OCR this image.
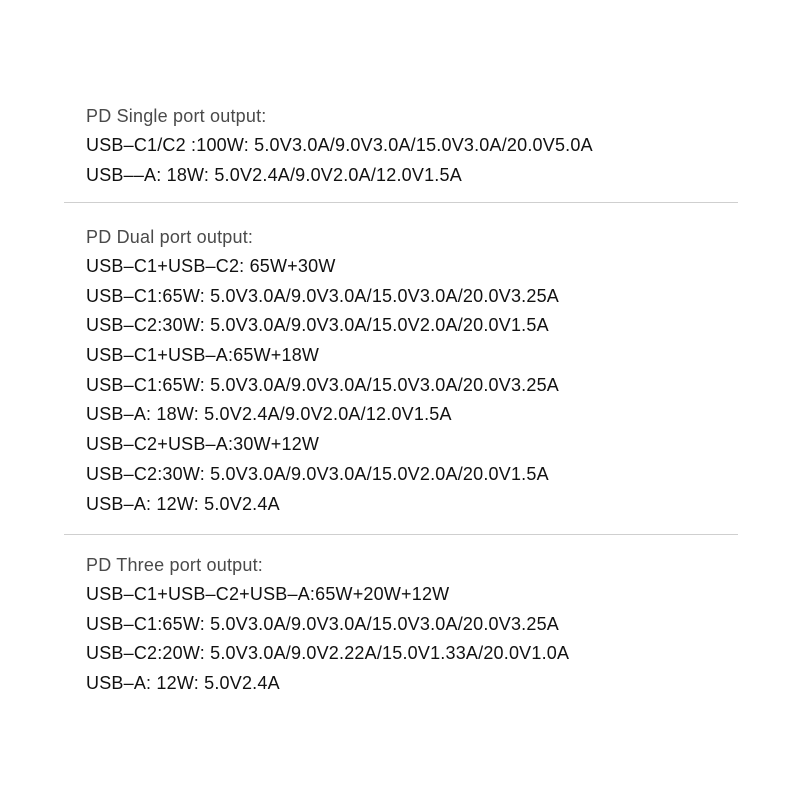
PD Single port output:
USB–C1/C2 :100W: 5.0V3.0A/9.0V3.0A/15.0V3.0A/20.0V5.0A
USB––A: 18W: 5.0V2.4A/9.0V2.0A/12.0V1.5A
PD Dual port output:
USB–C1+USB–C2: 65W+30W
USB–C1:65W: 5.0V3.0A/9.0V3.0A/15.0V3.0A/20.0V3.25A
USB–C2:30W: 5.0V3.0A/9.0V3.0A/15.0V2.0A/20.0V1.5A
USB–C1+USB–A:65W+18W
USB–C1:65W: 5.0V3.0A/9.0V3.0A/15.0V3.0A/20.0V3.25A
USB–A: 18W: 5.0V2.4A/9.0V2.0A/12.0V1.5A
USB–C2+USB–A:30W+12W
USB–C2:30W: 5.0V3.0A/9.0V3.0A/15.0V2.0A/20.0V1.5A
USB–A: 12W: 5.0V2.4A
PD Three port output:
USB–C1+USB–C2+USB–A:65W+20W+12W
USB–C1:65W: 5.0V3.0A/9.0V3.0A/15.0V3.0A/20.0V3.25A
USB–C2:20W: 5.0V3.0A/9.0V2.22A/15.0V1.33A/20.0V1.0A
USB–A: 12W: 5.0V2.4A
